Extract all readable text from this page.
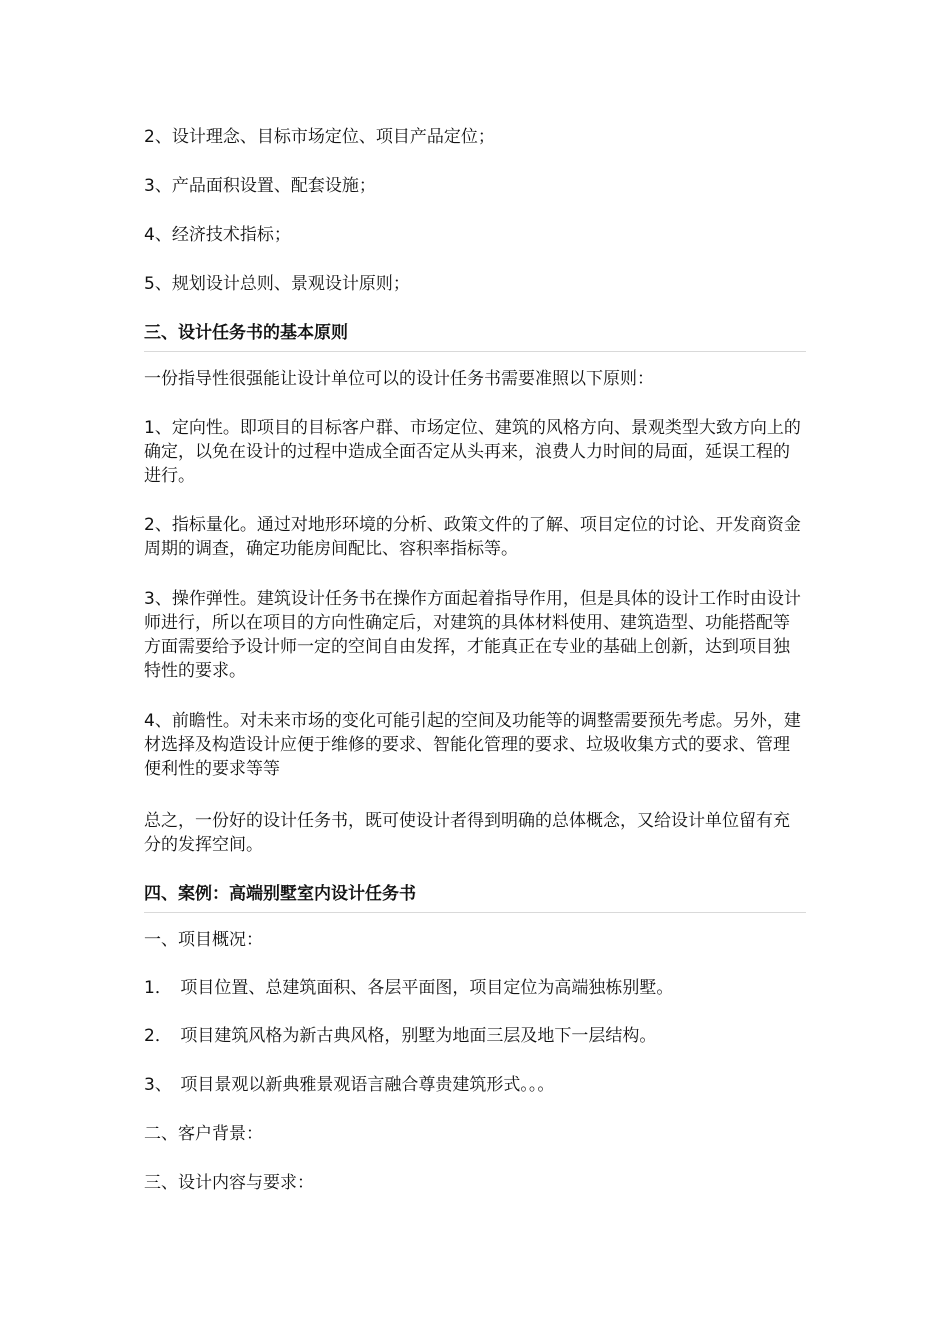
2、设计理念、目标市场定位、项目产品定位；

3、产品面积设置、配套设施；

4、经济技术指标；

5、规划设计总则、景观设计原则；

三、设计任务书的基本原则

一份指导性很强能让设计单位可以的设计任务书需要准照以下原则：

1、定向性。即项目的目标客户群、市场定位、建筑的风格方向、景观类型大致方向上的确定，以免在设计的过程中造成全面否定从头再来，浪费人力时间的局面，延误工程的进行。

2、指标量化。通过对地形环境的分析、政策文件的了解、项目定位的讨论、开发商资金周期的调查，确定功能房间配比、容积率指标等。

3、操作弹性。建筑设计任务书在操作方面起着指导作用，但是具体的设计工作时由设计师进行，所以在项目的方向性确定后，对建筑的具体材料使用、建筑造型、功能搭配等方面需要给予设计师一定的空间自由发挥，才能真正在专业的基础上创新，达到项目独特性的要求。

4、前瞻性。对未来市场的变化可能引起的空间及功能等的调整需要预先考虑。另外，建材选择及构造设计应便于维修的要求、智能化管理的要求、垃圾收集方式的要求、管理便利性的要求等等

总之，一份好的设计任务书，既可使设计者得到明确的总体概念，又给设计单位留有充分的发挥空间。

四、案例：高端别墅室内设计任务书

一、项目概况：

1．　项目位置、总建筑面积、各层平面图，项目定位为高端独栋别墅。

2．　项目建筑风格为新古典风格，别墅为地面三层及地下一层结构。

3、　项目景观以新典雅景观语言融合尊贵建筑形式。。。

二、客户背景：

三、设计内容与要求：
